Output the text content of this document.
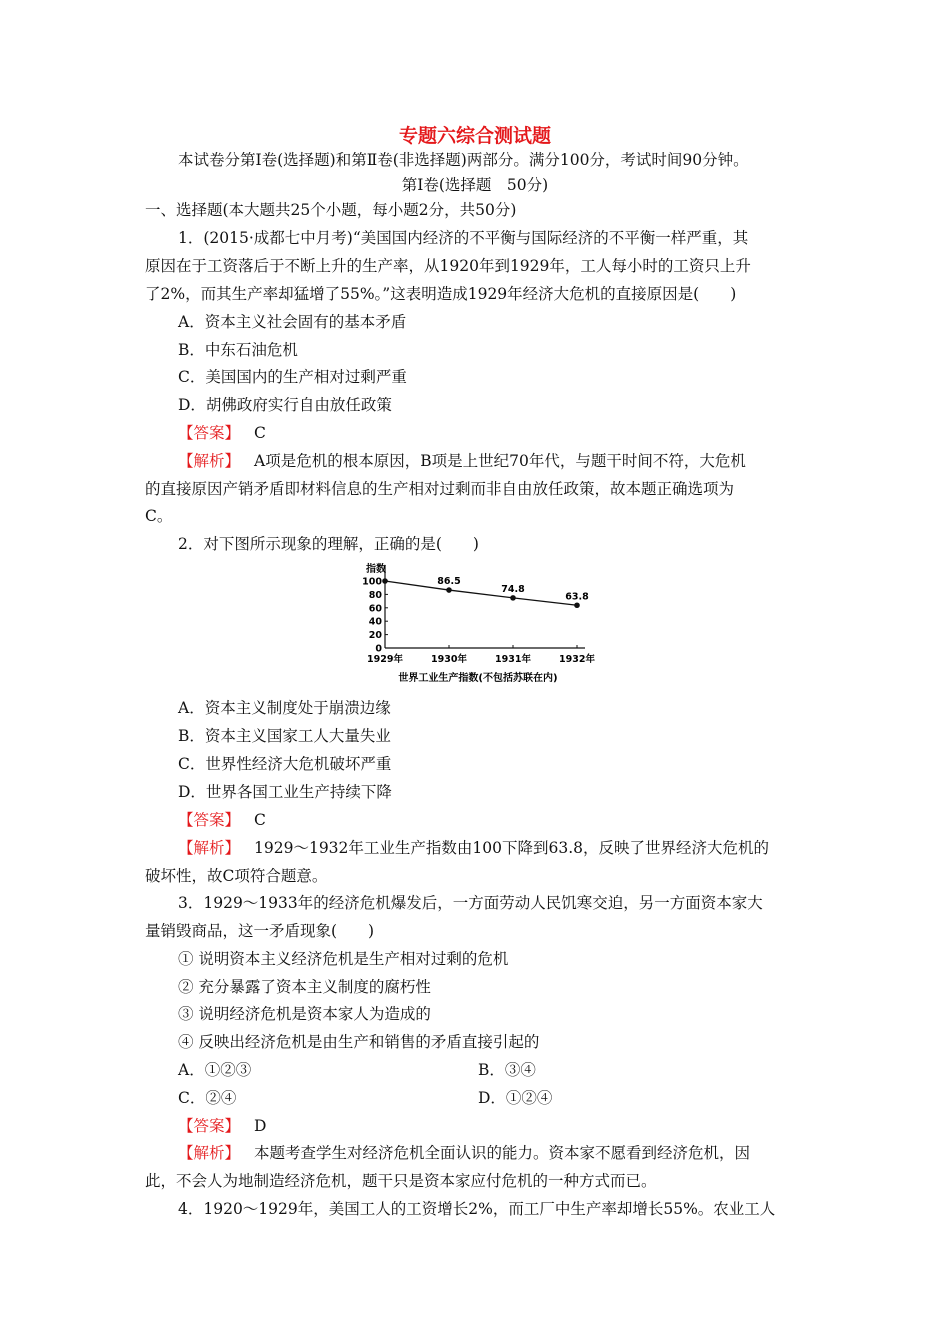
专题六综合测试题
本试卷分第Ⅰ卷(选择题)和第Ⅱ卷(非选择题)两部分。满分100分，考试时间90分钟。
第Ⅰ卷(选择题　50分)
一、选择题(本大题共25个小题，每小题2分，共50分)
1．(2015·成都七中月考)“美国国内经济的不平衡与国际经济的不平衡一样严重，其
原因在于工资落后于不断上升的生产率，从1920年到1929年，工人每小时的工资只上升
了2%，而其生产率却猛增了55%。”这表明造成1929年经济大危机的直接原因是(　　)
A．资本主义社会固有的基本矛盾
B．中东石油危机
C．美国国内的生产相对过剩严重
D．胡佛政府实行自由放任政策
【答案】 C
【解析】 A项是危机的根本原因，B项是上世纪70年代，与题干时间不符，大危机
的直接原因产销矛盾即材料信息的生产相对过剩而非自由放任政策，故本题正确选项为
C。
2．对下图所示现象的理解，正确的是(　　)
指数
0
20
40
60
80
100
1929年	1930年	1931年	1932年
86.5
74.8
63.8
世界工业生产指数(不包括苏联在内)
A．资本主义制度处于崩溃边缘
B．资本主义国家工人大量失业
C．世界性经济大危机破坏严重
D．世界各国工业生产持续下降
【答案】 C
【解析】 1929～1932年工业生产指数由100下降到63.8，反映了世界经济大危机的
破坏性，故C项符合题意。
3．1929～1933年的经济危机爆发后，一方面劳动人民饥寒交迫，另一方面资本家大
量销毁商品，这一矛盾现象(　　)
① 说明资本主义经济危机是生产相对过剩的危机
② 充分暴露了资本主义制度的腐朽性
③ 说明经济危机是资本家人为造成的
④ 反映出经济危机是由生产和销售的矛盾直接引起的
A．①②③	B．③④
C．②④	D．①②④
【答案】 D
【解析】 本题考查学生对经济危机全面认识的能力。资本家不愿看到经济危机，因
此，不会人为地制造经济危机，题干只是资本家应付危机的一种方式而已。
4．1920～1929年，美国工人的工资增长2%，而工厂中生产率却增长55%。农业工人
